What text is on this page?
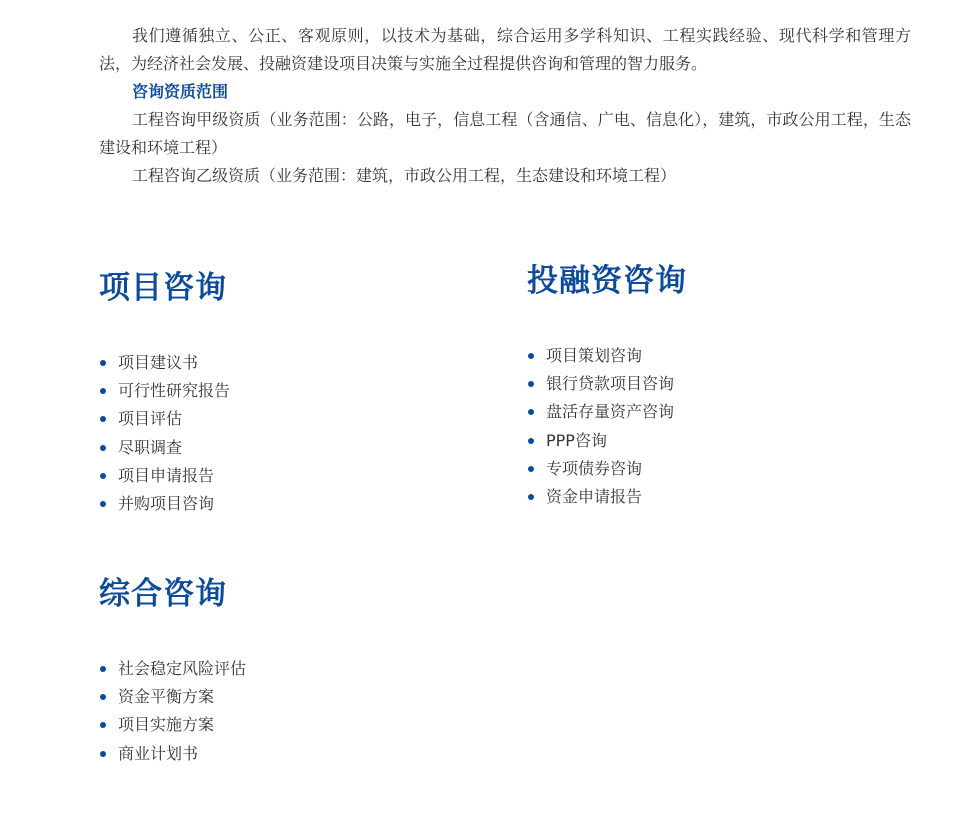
我们遵循独立、公正、客观原则，以技术为基础，综合运用多学科知识、工程实践经验、现代科学和管理方法，为经济社会发展、投融资建设项目决策与实施全过程提供咨询和管理的智力服务。

咨询资质范围

工程咨询甲级资质（业务范围：公路，电子，信息工程（含通信、广电、信息化），建筑，市政公用工程，生态建设和环境工程）

工程咨询乙级资质（业务范围：建筑，市政公用工程，生态建设和环境工程）

项目咨询
项目建议书
可行性研究报告
项目评估
尽职调查
项目申请报告
并购项目咨询
投融资咨询
项目策划咨询
银行贷款项目咨询
盘活存量资产咨询
PPP咨询
专项债券咨询
资金申请报告
综合咨询
社会稳定风险评估
资金平衡方案
项目实施方案
商业计划书
